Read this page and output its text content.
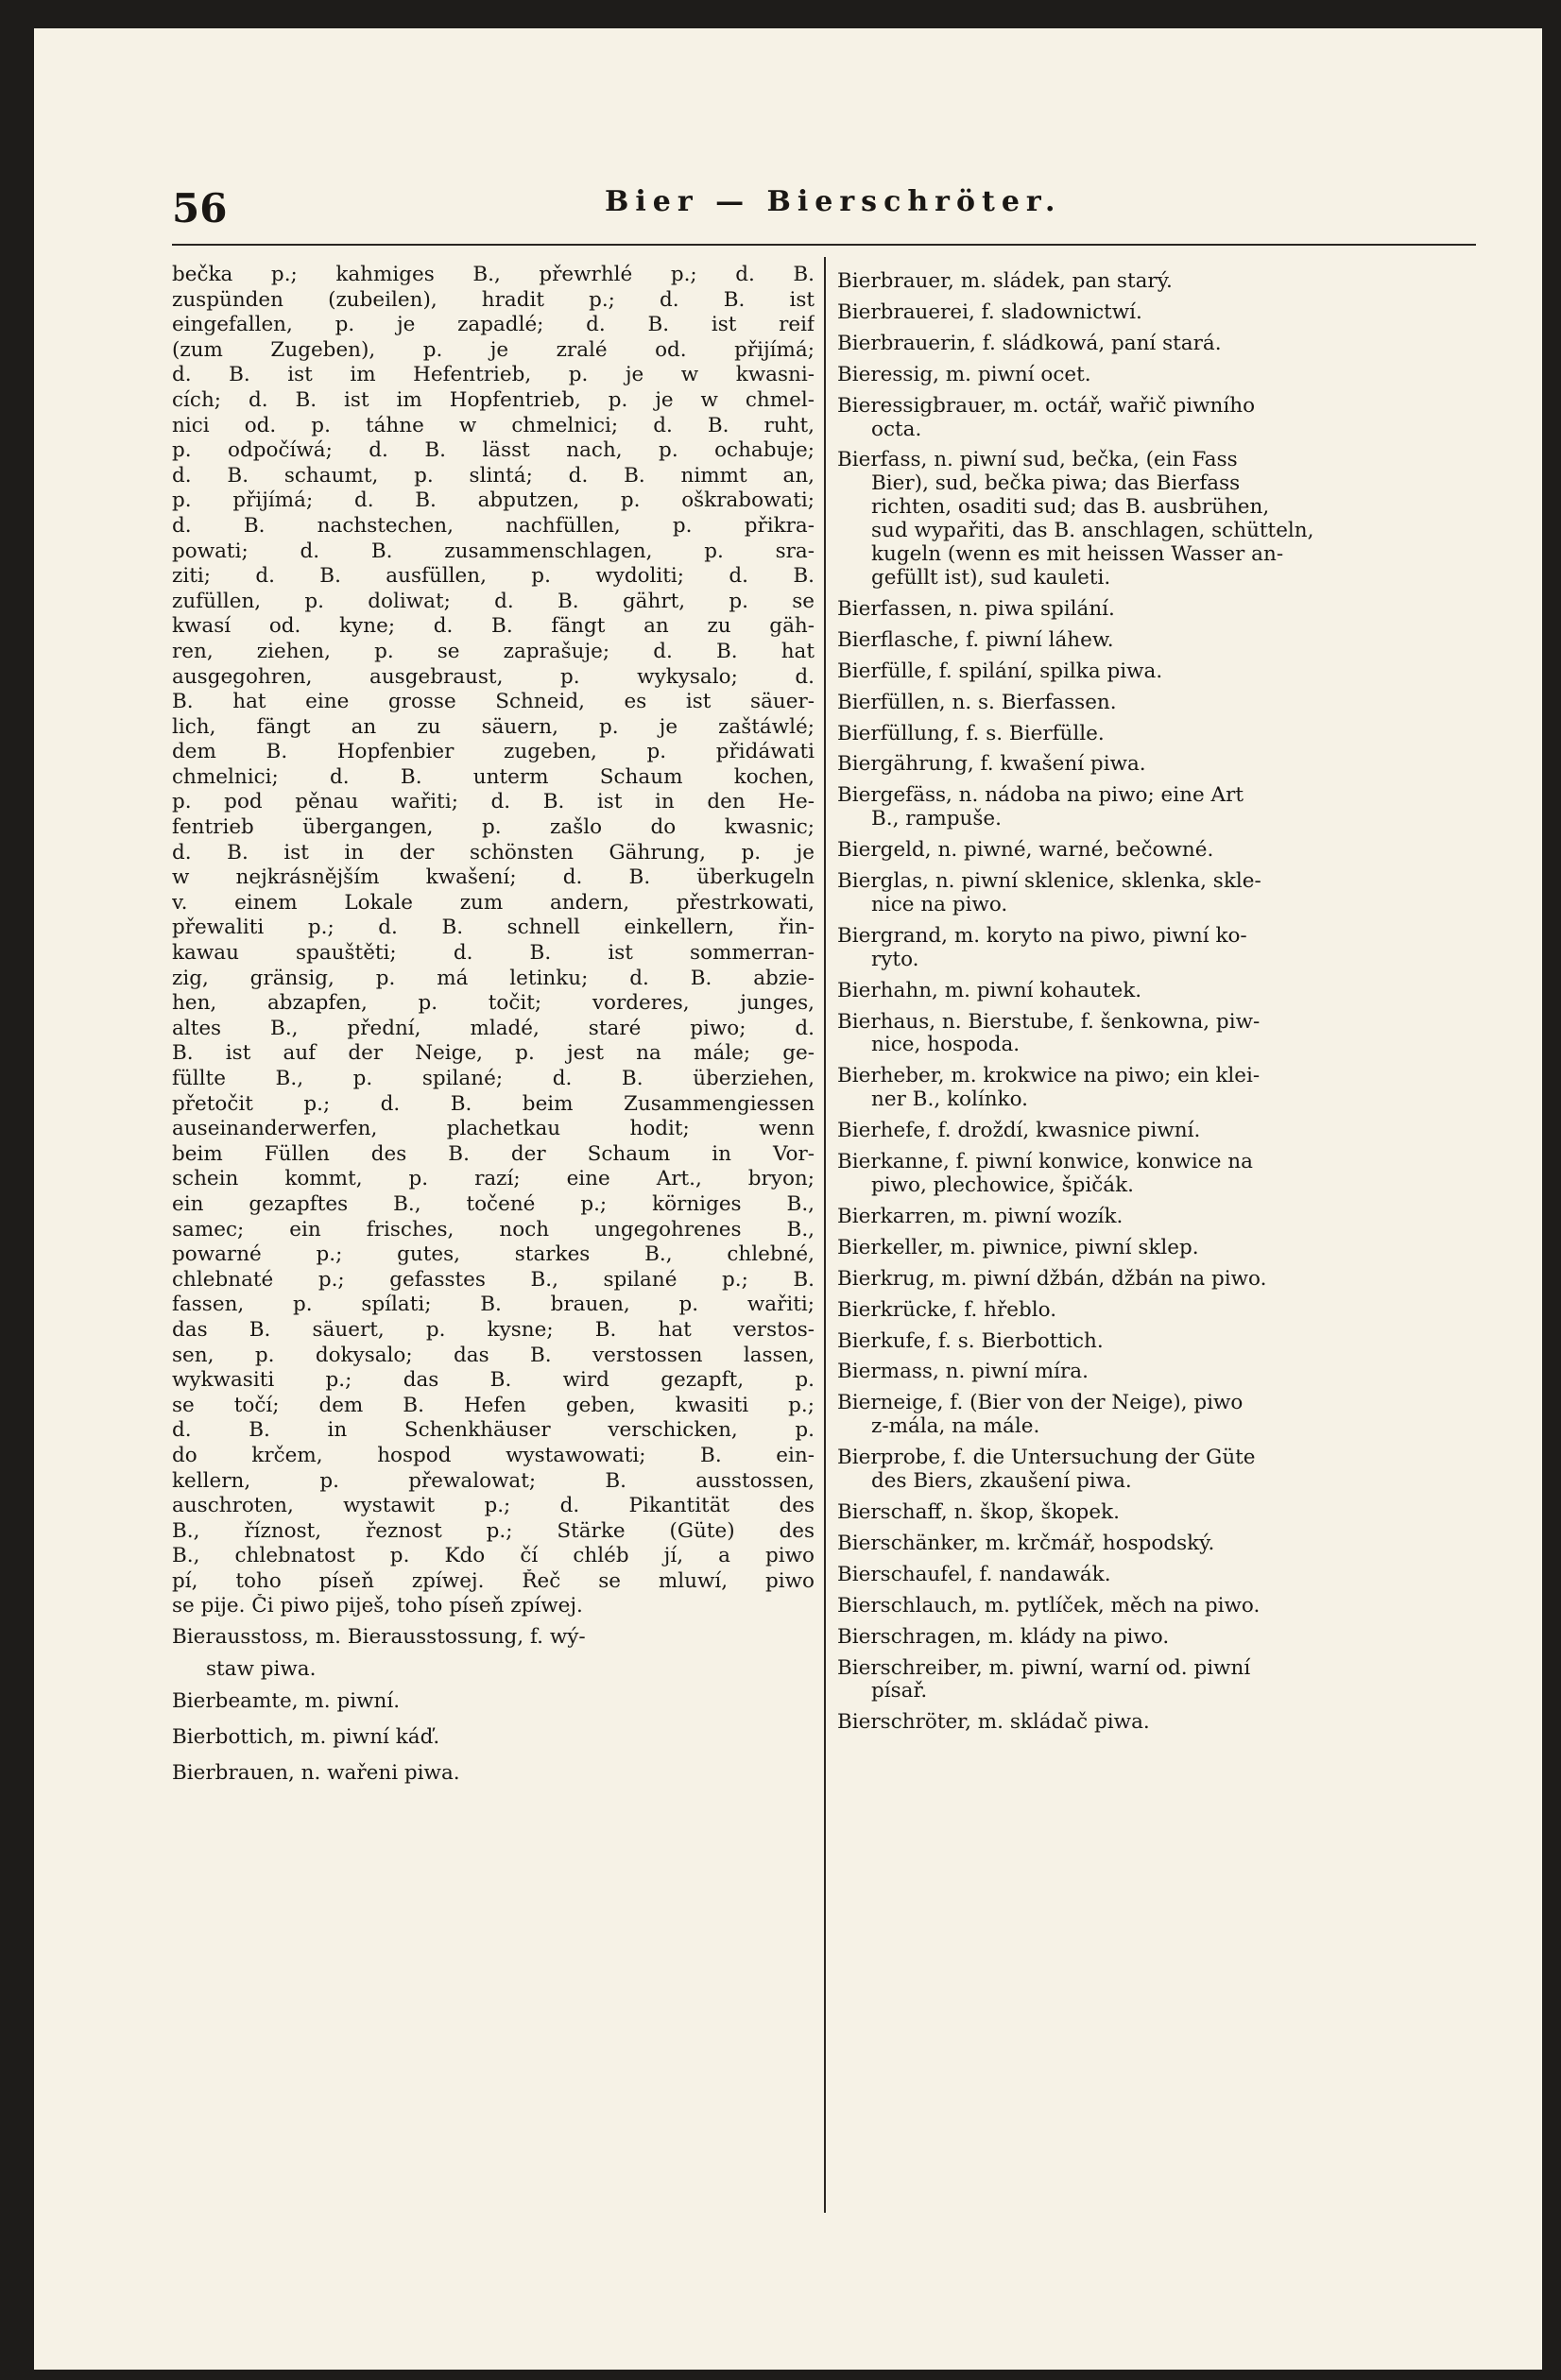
56	Bier — Bierschröter.
bečka p.; kahmiges B., přewrhlé p.; d. B.
zuspünden (zubeilen), hradit p.; d. B. ist
eingefallen, p. je zapadlé; d. B. ist reif
(zum Zugeben), p. je zralé od. přijímá;
d. B. ist im Hefentrieb, p. je w kwasni-
cích; d. B. ist im Hopfentrieb, p. je w chmel-
nici od. p. táhne w chmelnici; d. B. ruht,
p. odpočíwá; d. B. lässt nach, p. ochabuje;
d. B. schaumt, p. slintá; d. B. nimmt an,
p. přijímá; d. B. abputzen, p. oškrabowati;
d. B. nachstechen, nachfüllen, p. přikra-
powati; d. B. zusammenschlagen, p. sra-
ziti; d. B. ausfüllen, p. wydoliti; d. B.
zufüllen, p. doliwat; d. B. gährt, p. se
kwasí od. kyne; d. B. fängt an zu gäh-
ren, ziehen, p. se zaprašuje; d. B. hat
ausgegohren, ausgebraust, p. wykysalo; d.
B. hat eine grosse Schneid, es ist säuer-
lich, fängt an zu säuern, p. je zaštáwlé;
dem B. Hopfenbier zugeben, p. přidáwati
chmelnici; d. B. unterm Schaum kochen,
p. pod pěnau wařiti; d. B. ist in den He-
fentrieb übergangen, p. zašlo do kwasnic;
d. B. ist in der schönsten Gährung, p. je
w nejkrásnějším kwašení; d. B. überkugeln
v. einem Lokale zum andern, přestrkowati,
přewaliti p.; d. B. schnell einkellern, řin-
kawau spauštěti; d. B. ist sommerran-
zig, gränsig, p. má letinku; d. B. abzie-
hen, abzapfen, p. točit; vorderes, junges,
altes B., přední, mladé, staré piwo; d.
B. ist auf der Neige, p. jest na mále; ge-
füllte B., p. spilané; d. B. überziehen,
přetočit p.; d. B. beim Zusammengiessen
auseinanderwerfen, plachetkau hodit; wenn
beim Füllen des B. der Schaum in Vor-
schein kommt, p. razí; eine Art., bryon;
ein gezapftes B., točené p.; körniges B.,
samec; ein frisches, noch ungegohrenes B.,
powarné p.; gutes, starkes B., chlebné,
chlebnaté p.; gefasstes B., spilané p.; B.
fassen, p. spílati; B. brauen, p. wařiti;
das B. säuert, p. kysne; B. hat verstos-
sen, p. dokysalo; das B. verstossen lassen,
wykwasiti p.; das B. wird gezapft, p.
se točí; dem B. Hefen geben, kwasiti p.;
d. B. in Schenkhäuser verschicken, p.
do krčem, hospod wystawowati; B. ein-
kellern, p. přewalowat; B. ausstossen,
auschroten, wystawit p.; d. Pikantität des
B., říznost, řeznost p.; Stärke (Güte) des
B., chlebnatost p. Kdo čí chléb jí, a piwo
pí, toho píseň zpíwej. Řeč se mluwí, piwo
se pije. Či piwo piješ, toho píseň zpíwej.
Bierausstoss, m. Bierausstossung, f. wý-
staw piwa.
Bierbeamte, m. piwní.
Bierbottich, m. piwní káď.
Bierbrauen, n. wařeni piwa.
Bierbrauer, m. sládek, pan starý.
Bierbrauerei, f. sladownictwí.
Bierbrauerin, f. sládkowá, paní stará.
Bieressig, m. piwní ocet.
Bieressigbrauer, m. octář, wařič piwního
octa.
Bierfass, n. piwní sud, bečka, (ein Fass
Bier), sud, bečka piwa; das Bierfass
richten, osaditi sud; das B. ausbrühen,
sud wypařiti, das B. anschlagen, schütteln,
kugeln (wenn es mit heissen Wasser an-
gefüllt ist), sud kauleti.
Bierfassen, n. piwa spilání.
Bierflasche, f. piwní láhew.
Bierfülle, f. spilání, spilka piwa.
Bierfüllen, n. s. Bierfassen.
Bierfüllung, f. s. Bierfülle.
Biergährung, f. kwašení piwa.
Biergefäss, n. nádoba na piwo; eine Art
B., rampuše.
Biergeld, n. piwné, warné, bečowné.
Bierglas, n. piwní sklenice, sklenka, skle-
nice na piwo.
Biergrand, m. koryto na piwo, piwní ko-
ryto.
Bierhahn, m. piwní kohautek.
Bierhaus, n. Bierstube, f. šenkowna, piw-
nice, hospoda.
Bierheber, m. krokwice na piwo; ein klei-
ner B., kolínko.
Bierhefe, f. droždí, kwasnice piwní.
Bierkanne, f. piwní konwice, konwice na
piwo, plechowice, špičák.
Bierkarren, m. piwní wozík.
Bierkeller, m. piwnice, piwní sklep.
Bierkrug, m. piwní džbán, džbán na piwo.
Bierkrücke, f. hřeblo.
Bierkufe, f. s. Bierbottich.
Biermass, n. piwní míra.
Bierneige, f. (Bier von der Neige), piwo
z-mála, na mále.
Bierprobe, f. die Untersuchung der Güte
des Biers, zkaušení piwa.
Bierschaff, n. škop, škopek.
Bierschänker, m. krčmář, hospodský.
Bierschaufel, f. nandawák.
Bierschlauch, m. pytlíček, měch na piwo.
Bierschragen, m. klády na piwo.
Bierschreiber, m. piwní, warní od. piwní
písař.
Bierschröter, m. skládač piwa.
